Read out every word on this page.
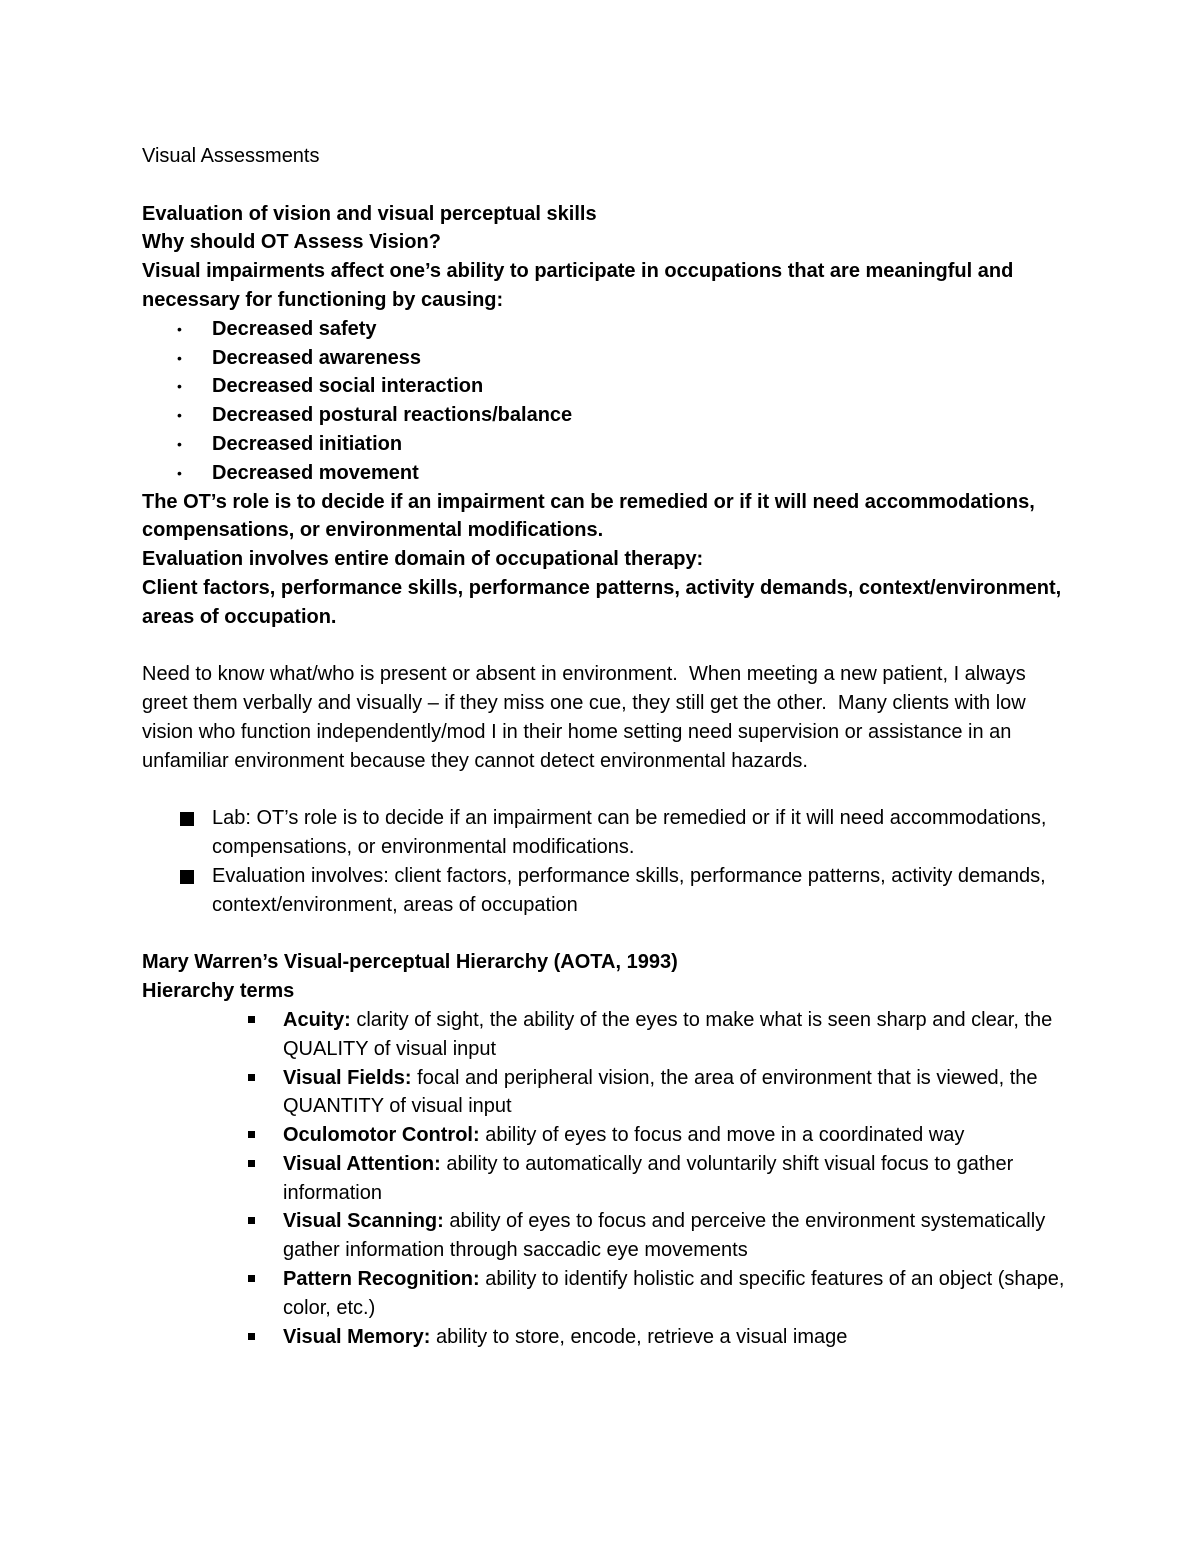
Visual Assessments
Evaluation of vision and visual perceptual skills
Why should OT Assess Vision?
Visual impairments affect one’s ability to participate in occupations that are meaningful and necessary for functioning by causing:
• Decreased safety
• Decreased awareness
• Decreased social interaction
• Decreased postural reactions/balance
• Decreased initiation
• Decreased movement
The OT’s role is to decide if an impairment can be remedied or if it will need accommodations, compensations, or environmental modifications.
Evaluation involves entire domain of occupational therapy:
Client factors, performance skills, performance patterns, activity demands, context/environment, areas of occupation.
Need to know what/who is present or absent in environment.  When meeting a new patient, I always greet them verbally and visually – if they miss one cue, they still get the other.  Many clients with low vision who function independently/mod I in their home setting need supervision or assistance in an unfamiliar environment because they cannot detect environmental hazards.
Lab: OT’s role is to decide if an impairment can be remedied or if it will need accommodations, compensations, or environmental modifications.
Evaluation involves: client factors, performance skills, performance patterns, activity demands, context/environment, areas of occupation
Mary Warren’s Visual-perceptual Hierarchy (AOTA, 1993)
Hierarchy terms
Acuity: clarity of sight, the ability of the eyes to make what is seen sharp and clear, the QUALITY of visual input
Visual Fields: focal and peripheral vision, the area of environment that is viewed, the QUANTITY of visual input
Oculomotor Control: ability of eyes to focus and move in a coordinated way
Visual Attention: ability to automatically and voluntarily shift visual focus to gather information
Visual Scanning: ability of eyes to focus and perceive the environment systematically gather information through saccadic eye movements
Pattern Recognition: ability to identify holistic and specific features of an object (shape, color, etc.)
Visual Memory: ability to store, encode, retrieve a visual image
